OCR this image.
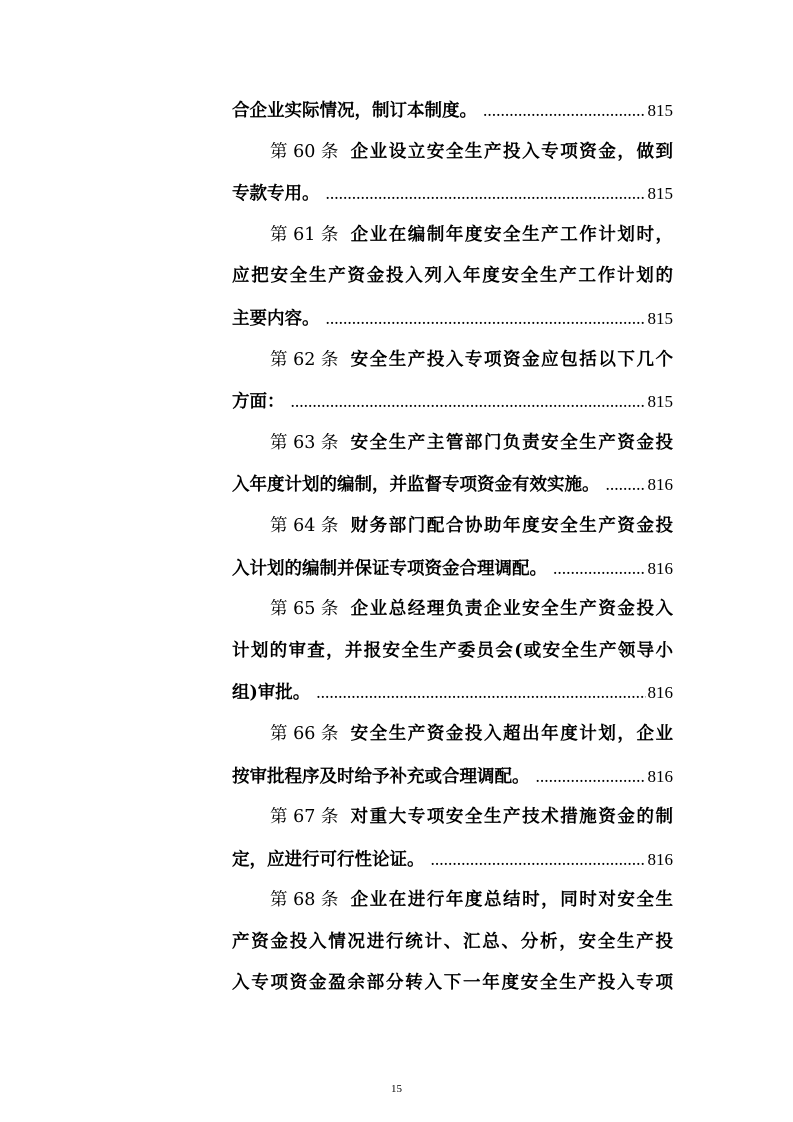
合企业实际情况，制订本制度。 .....	815
第 60 条
企业设立安全生产投入专项资金，做到
专款专用。 .....	815
第 61 条
企业在编制年度安全生产工作计划时，
应把安全生产资金投入列入年度安全生产工作计划的
主要内容。 .....	815
第 62 条
安全生产投入专项资金应包括以下几个
方面： .....	815
第 63 条
安全生产主管部门负责安全生产资金投
入年度计划的编制，并监督专项资金有效实施。 .....	816
第 64 条
财务部门配合协助年度安全生产资金投
入计划的编制并保证专项资金合理调配。 .....	816
第 65 条
企业总经理负责企业安全生产资金投入
计划的审查，并报安全生产委员会(或安全生产领导小
组)审批。 .....	816
第 66 条
安全生产资金投入超出年度计划，企业
按审批程序及时给予补充或合理调配。 .....	816
第 67 条
对重大专项安全生产技术措施资金的制
定，应进行可行性论证。 .....	816
第 68 条
企业在进行年度总结时，同时对安全生
产资金投入情况进行统计、汇总、分析，安全生产投
入专项资金盈余部分转入下一年度安全生产投入专项
15
